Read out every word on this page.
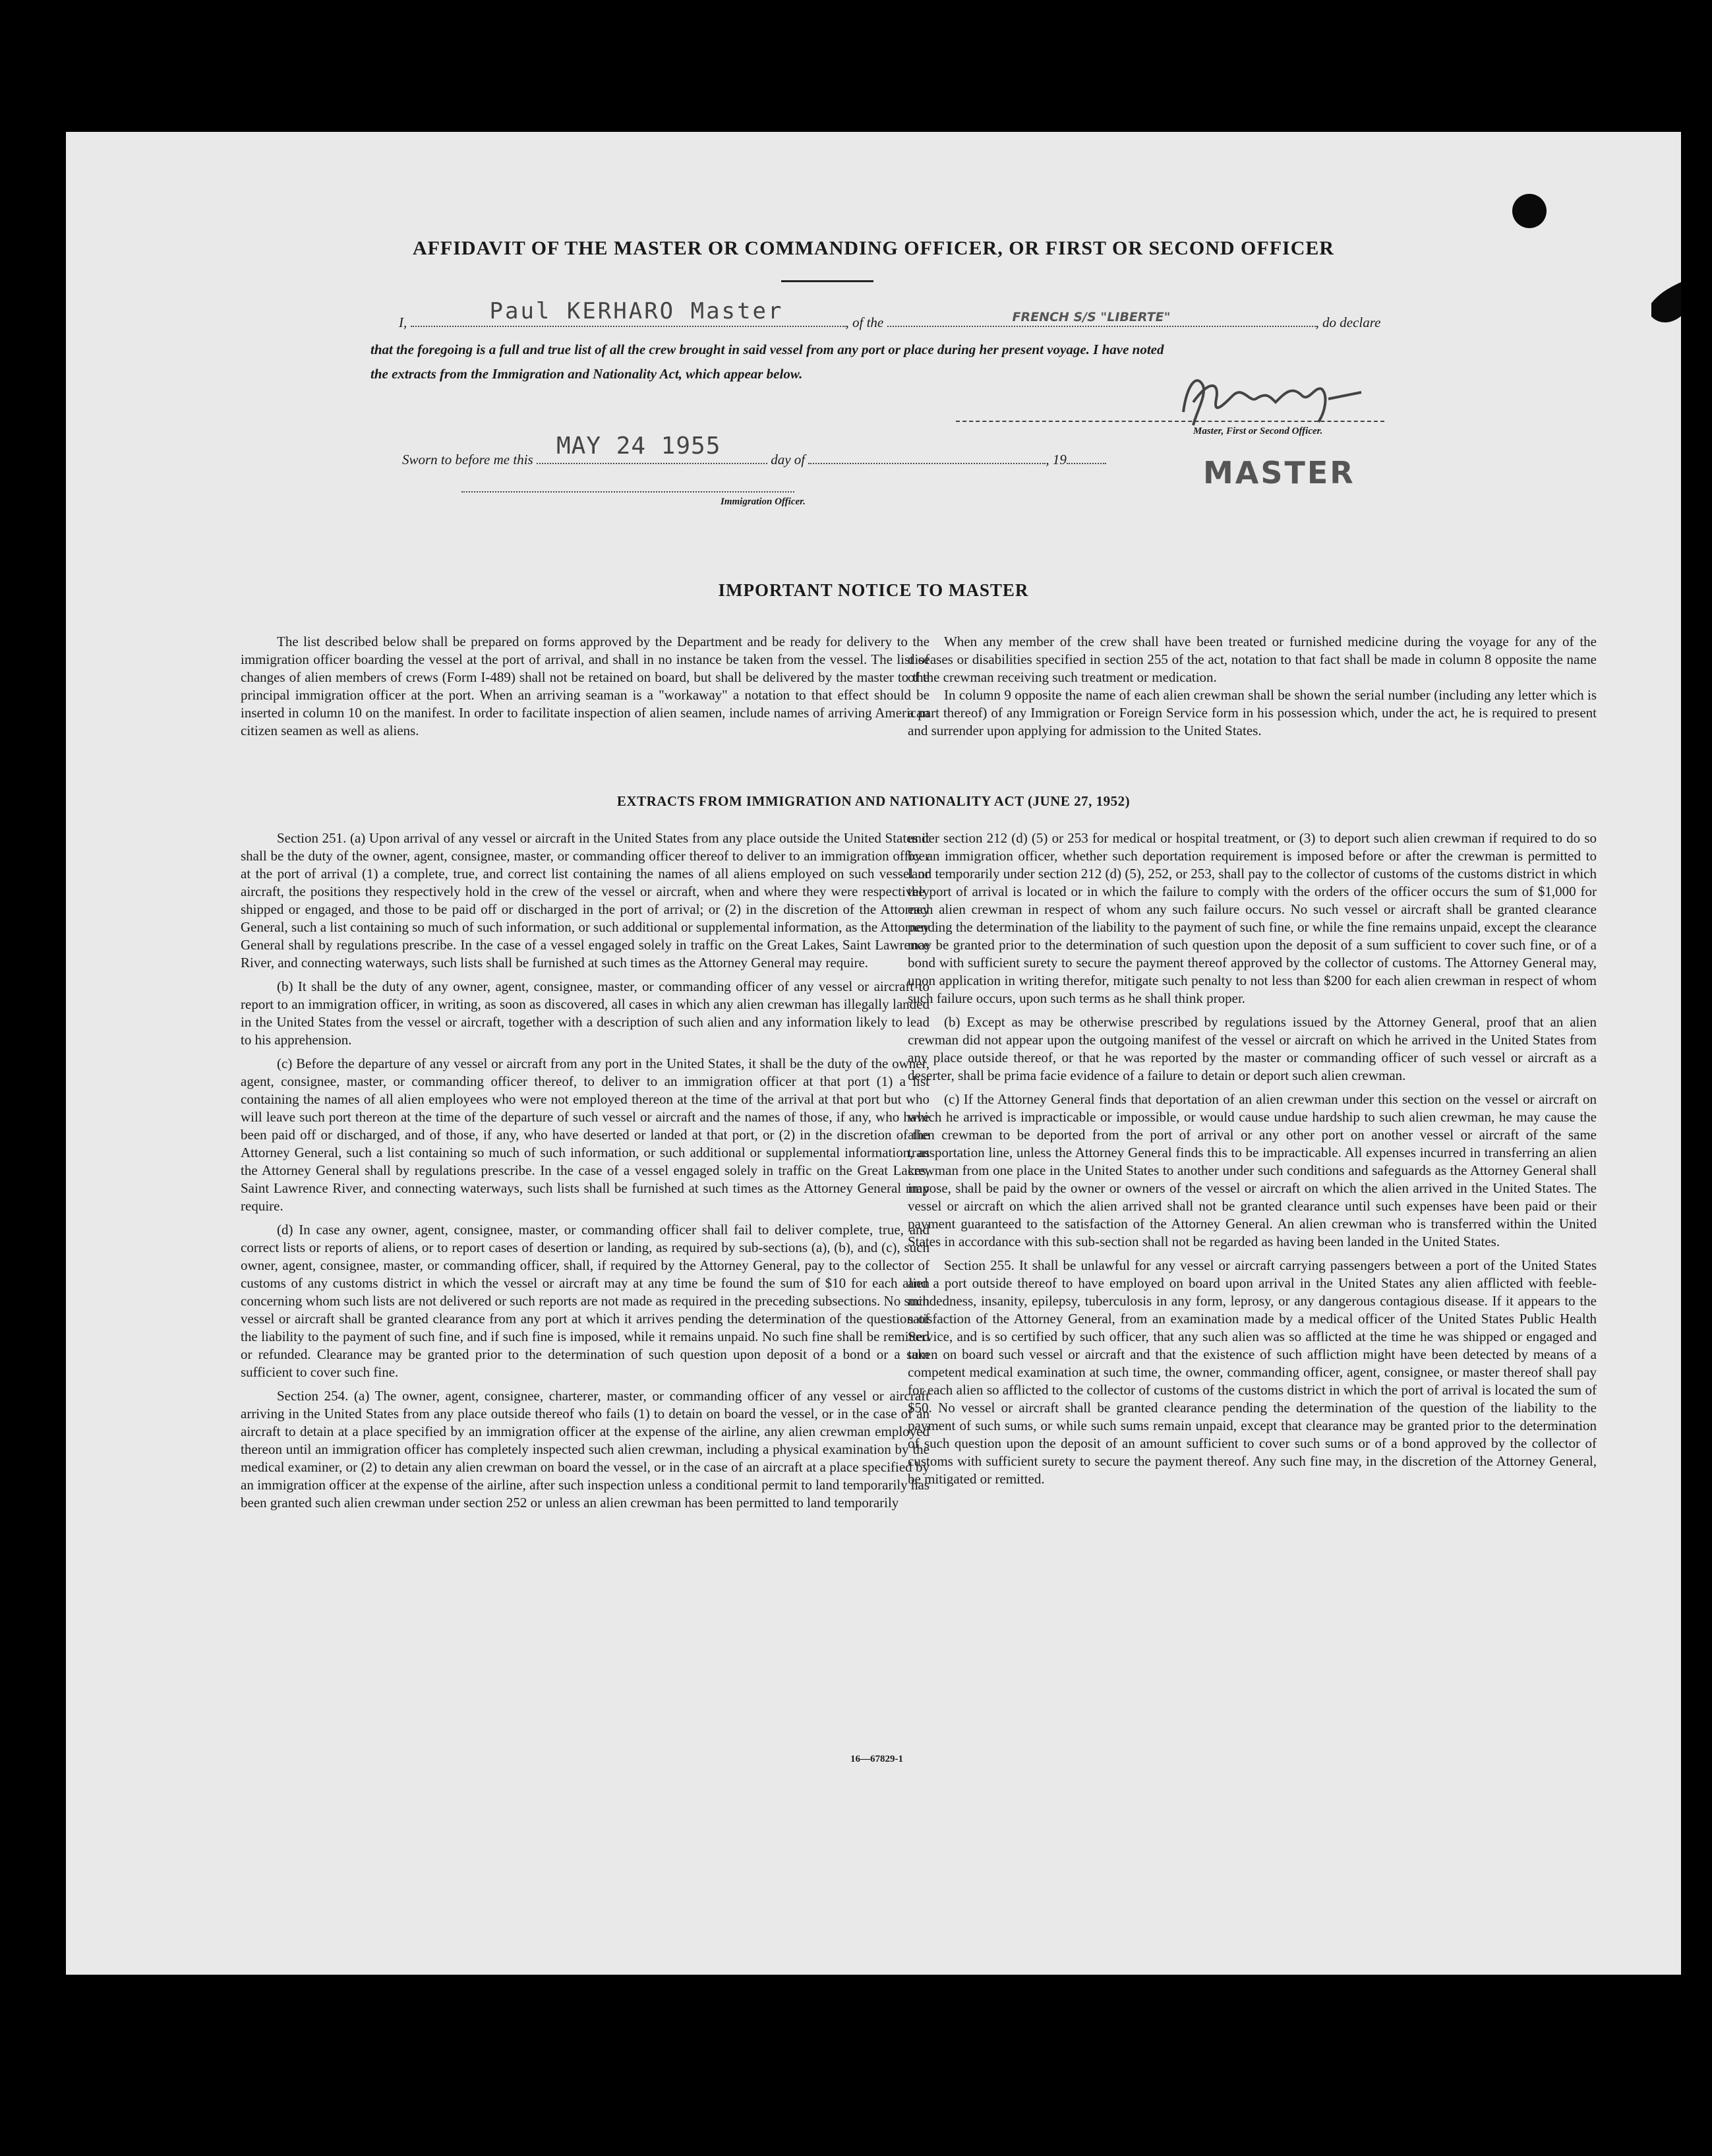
AFFIDAVIT OF THE MASTER OR COMMANDING OFFICER, OR FIRST OR SECOND OFFICER
I,	Paul KERHARO Master	, of the	FRENCH S/S "LIBERTE"	, do declare
that the foregoing is a full and true list of all the crew brought in said vessel from any port or place during her present voyage. I have noted
the extracts from the Immigration and Nationality Act, which appear below.
Master, First or Second Officer.
MASTER
Sworn to before me this MAY 24 1955	day of	, 19
Immigration Officer.
IMPORTANT NOTICE TO MASTER

The list described below shall be prepared on forms approved by the Department and be ready for delivery to the immigration officer boarding the vessel at the port of arrival, and shall in no instance be taken from the vessel. The list of changes of alien members of crews (Form I-489) shall not be retained on board, but shall be delivered by the master to the principal immigration officer at the port. When an arriving seaman is a "workaway" a notation to that effect should be inserted in column 10 on the manifest. In order to facilitate inspection of alien seamen, include names of arriving American citizen seamen as well as aliens.

When any member of the crew shall have been treated or furnished medicine during the voyage for any of the diseases or disabilities specified in section 255 of the act, notation to that fact shall be made in column 8 opposite the name of the crewman receiving such treatment or medication.

In column 9 opposite the name of each alien crewman shall be shown the serial number (including any letter which is a part thereof) of any Immigration or Foreign Service form in his possession which, under the act, he is required to present and surrender upon applying for admission to the United States.

EXTRACTS FROM IMMIGRATION AND NATIONALITY ACT (JUNE 27, 1952)

Section 251. (a) Upon arrival of any vessel or aircraft in the United States from any place outside the United States it shall be the duty of the owner, agent, consignee, master, or commanding officer thereof to deliver to an immigration officer at the port of arrival (1) a complete, true, and correct list containing the names of all aliens employed on such vessel or aircraft, the positions they respectively hold in the crew of the vessel or aircraft, when and where they were respectively shipped or engaged, and those to be paid off or discharged in the port of arrival; or (2) in the discretion of the Attorney General, such a list containing so much of such information, or such additional or supplemental information, as the Attorney General shall by regulations prescribe. In the case of a vessel engaged solely in traffic on the Great Lakes, Saint Lawrence River, and connecting waterways, such lists shall be furnished at such times as the Attorney General may require.

(b) It shall be the duty of any owner, agent, consignee, master, or commanding officer of any vessel or aircraft to report to an immigration officer, in writing, as soon as discovered, all cases in which any alien crewman has illegally landed in the United States from the vessel or aircraft, together with a description of such alien and any information likely to lead to his apprehension.

(c) Before the departure of any vessel or aircraft from any port in the United States, it shall be the duty of the owner, agent, consignee, master, or commanding officer thereof, to deliver to an immigration officer at that port (1) a list containing the names of all alien employees who were not employed thereon at the time of the arrival at that port but who will leave such port thereon at the time of the departure of such vessel or aircraft and the names of those, if any, who have been paid off or discharged, and of those, if any, who have deserted or landed at that port, or (2) in the discretion of the Attorney General, such a list containing so much of such information, or such additional or supplemental information, as the Attorney General shall by regulations prescribe. In the case of a vessel engaged solely in traffic on the Great Lakes, Saint Lawrence River, and connecting waterways, such lists shall be furnished at such times as the Attorney General may require.

(d) In case any owner, agent, consignee, master, or commanding officer shall fail to deliver complete, true, and correct lists or reports of aliens, or to report cases of desertion or landing, as required by sub-sections (a), (b), and (c), such owner, agent, consignee, master, or commanding officer, shall, if required by the Attorney General, pay to the collector of customs of any customs district in which the vessel or aircraft may at any time be found the sum of $10 for each alien concerning whom such lists are not delivered or such reports are not made as required in the preceding subsections. No such vessel or aircraft shall be granted clearance from any port at which it arrives pending the determination of the question of the liability to the payment of such fine, and if such fine is imposed, while it remains unpaid. No such fine shall be remitted or refunded. Clearance may be granted prior to the determination of such question upon deposit of a bond or a sum sufficient to cover such fine.

Section 254. (a) The owner, agent, consignee, charterer, master, or commanding officer of any vessel or aircraft arriving in the United States from any place outside thereof who fails (1) to detain on board the vessel, or in the case of an aircraft to detain at a place specified by an immigration officer at the expense of the airline, any alien crewman employed thereon until an immigration officer has completely inspected such alien crewman, including a physical examination by the medical examiner, or (2) to detain any alien crewman on board the vessel, or in the case of an aircraft at a place specified by an immigration officer at the expense of the airline, after such inspection unless a conditional permit to land temporarily has been granted such alien crewman under section 252 or unless an alien crewman has been permitted to land temporarily

under section 212 (d) (5) or 253 for medical or hospital treatment, or (3) to deport such alien crewman if required to do so by an immigration officer, whether such deportation requirement is imposed before or after the crewman is permitted to land temporarily under section 212 (d) (5), 252, or 253, shall pay to the collector of customs of the customs district in which the port of arrival is located or in which the failure to comply with the orders of the officer occurs the sum of $1,000 for each alien crewman in respect of whom any such failure occurs. No such vessel or aircraft shall be granted clearance pending the determination of the liability to the payment of such fine, or while the fine remains unpaid, except the clearance may be granted prior to the determination of such question upon the deposit of a sum sufficient to cover such fine, or of a bond with sufficient surety to secure the payment thereof approved by the collector of customs. The Attorney General may, upon application in writing therefor, mitigate such penalty to not less than $200 for each alien crewman in respect of whom such failure occurs, upon such terms as he shall think proper.

(b) Except as may be otherwise prescribed by regulations issued by the Attorney General, proof that an alien crewman did not appear upon the outgoing manifest of the vessel or aircraft on which he arrived in the United States from any place outside thereof, or that he was reported by the master or commanding officer of such vessel or aircraft as a deserter, shall be prima facie evidence of a failure to detain or deport such alien crewman.

(c) If the Attorney General finds that deportation of an alien crewman under this section on the vessel or aircraft on which he arrived is impracticable or impossible, or would cause undue hardship to such alien crewman, he may cause the alien crewman to be deported from the port of arrival or any other port on another vessel or aircraft of the same transportation line, unless the Attorney General finds this to be impracticable. All expenses incurred in transferring an alien crewman from one place in the United States to another under such conditions and safeguards as the Attorney General shall impose, shall be paid by the owner or owners of the vessel or aircraft on which the alien arrived in the United States. The vessel or aircraft on which the alien arrived shall not be granted clearance until such expenses have been paid or their payment guaranteed to the satisfaction of the Attorney General. An alien crewman who is transferred within the United States in accordance with this sub-section shall not be regarded as having been landed in the United States.

Section 255. It shall be unlawful for any vessel or aircraft carrying passengers between a port of the United States and a port outside thereof to have employed on board upon arrival in the United States any alien afflicted with feeble-mindedness, insanity, epilepsy, tuberculosis in any form, leprosy, or any dangerous contagious disease. If it appears to the satisfaction of the Attorney General, from an examination made by a medical officer of the United States Public Health Service, and is so certified by such officer, that any such alien was so afflicted at the time he was shipped or engaged and taken on board such vessel or aircraft and that the existence of such affliction might have been detected by means of a competent medical examination at such time, the owner, commanding officer, agent, consignee, or master thereof shall pay for each alien so afflicted to the collector of customs of the customs district in which the port of arrival is located the sum of $50. No vessel or aircraft shall be granted clearance pending the determination of the question of the liability to the payment of such sums, or while such sums remain unpaid, except that clearance may be granted prior to the determination of such question upon the deposit of an amount sufficient to cover such sums or of a bond approved by the collector of customs with sufficient surety to secure the payment thereof. Any such fine may, in the discretion of the Attorney General, be mitigated or remitted.

16—67829-1
